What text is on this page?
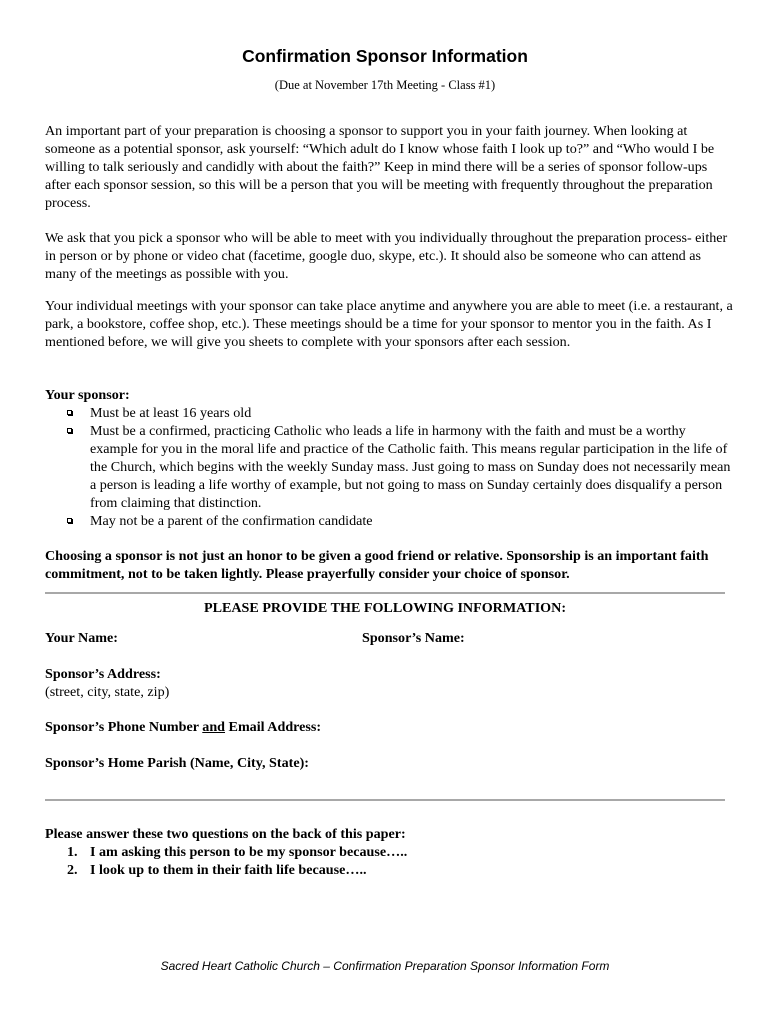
Confirmation Sponsor Information
(Due at November 17th Meeting - Class #1)

An important part of your preparation is choosing a sponsor to support you in your faith journey. When looking at someone as a potential sponsor, ask yourself: “Which adult do I know whose faith I look up to?” and “Who would I be willing to talk seriously and candidly with about the faith?” Keep in mind there will be a series of sponsor follow-ups after each sponsor session, so this will be a person that you will be meeting with frequently throughout the preparation process.

We ask that you pick a sponsor who will be able to meet with you individually throughout the preparation process- either in person or by phone or video chat (facetime, google duo, skype, etc.). It should also be someone who can attend as many of the meetings as possible with you.

Your individual meetings with your sponsor can take place anytime and anywhere you are able to meet (i.e. a restaurant, a park, a bookstore, coffee shop, etc.). These meetings should be a time for your sponsor to mentor you in the faith. As I mentioned before, we will give you sheets to complete with your sponsors after each session.

Your sponsor:
Must be at least 16 years old
Must be a confirmed, practicing Catholic who leads a life in harmony with the faith and must be a worthy example for you in the moral life and practice of the Catholic faith. This means regular participation in the life of the Church, which begins with the weekly Sunday mass. Just going to mass on Sunday does not necessarily mean a person is leading a life worthy of example, but not going to mass on Sunday certainly does disqualify a person from claiming that distinction.
May not be a parent of the confirmation candidate

Choosing a sponsor is not just an honor to be given a good friend or relative. Sponsorship is an important faith commitment, not to be taken lightly. Please prayerfully consider your choice of sponsor.

PLEASE PROVIDE THE FOLLOWING INFORMATION:
Your Name:	Sponsor’s Name:
Sponsor’s Address:
(street, city, state, zip)
Sponsor’s Phone Number and Email Address:
Sponsor’s Home Parish (Name, City, State):
Please answer these two questions on the back of this paper:
1. I am asking this person to be my sponsor because…..
2. I look up to them in their faith life because…..
Sacred Heart Catholic Church – Confirmation Preparation Sponsor Information Form
